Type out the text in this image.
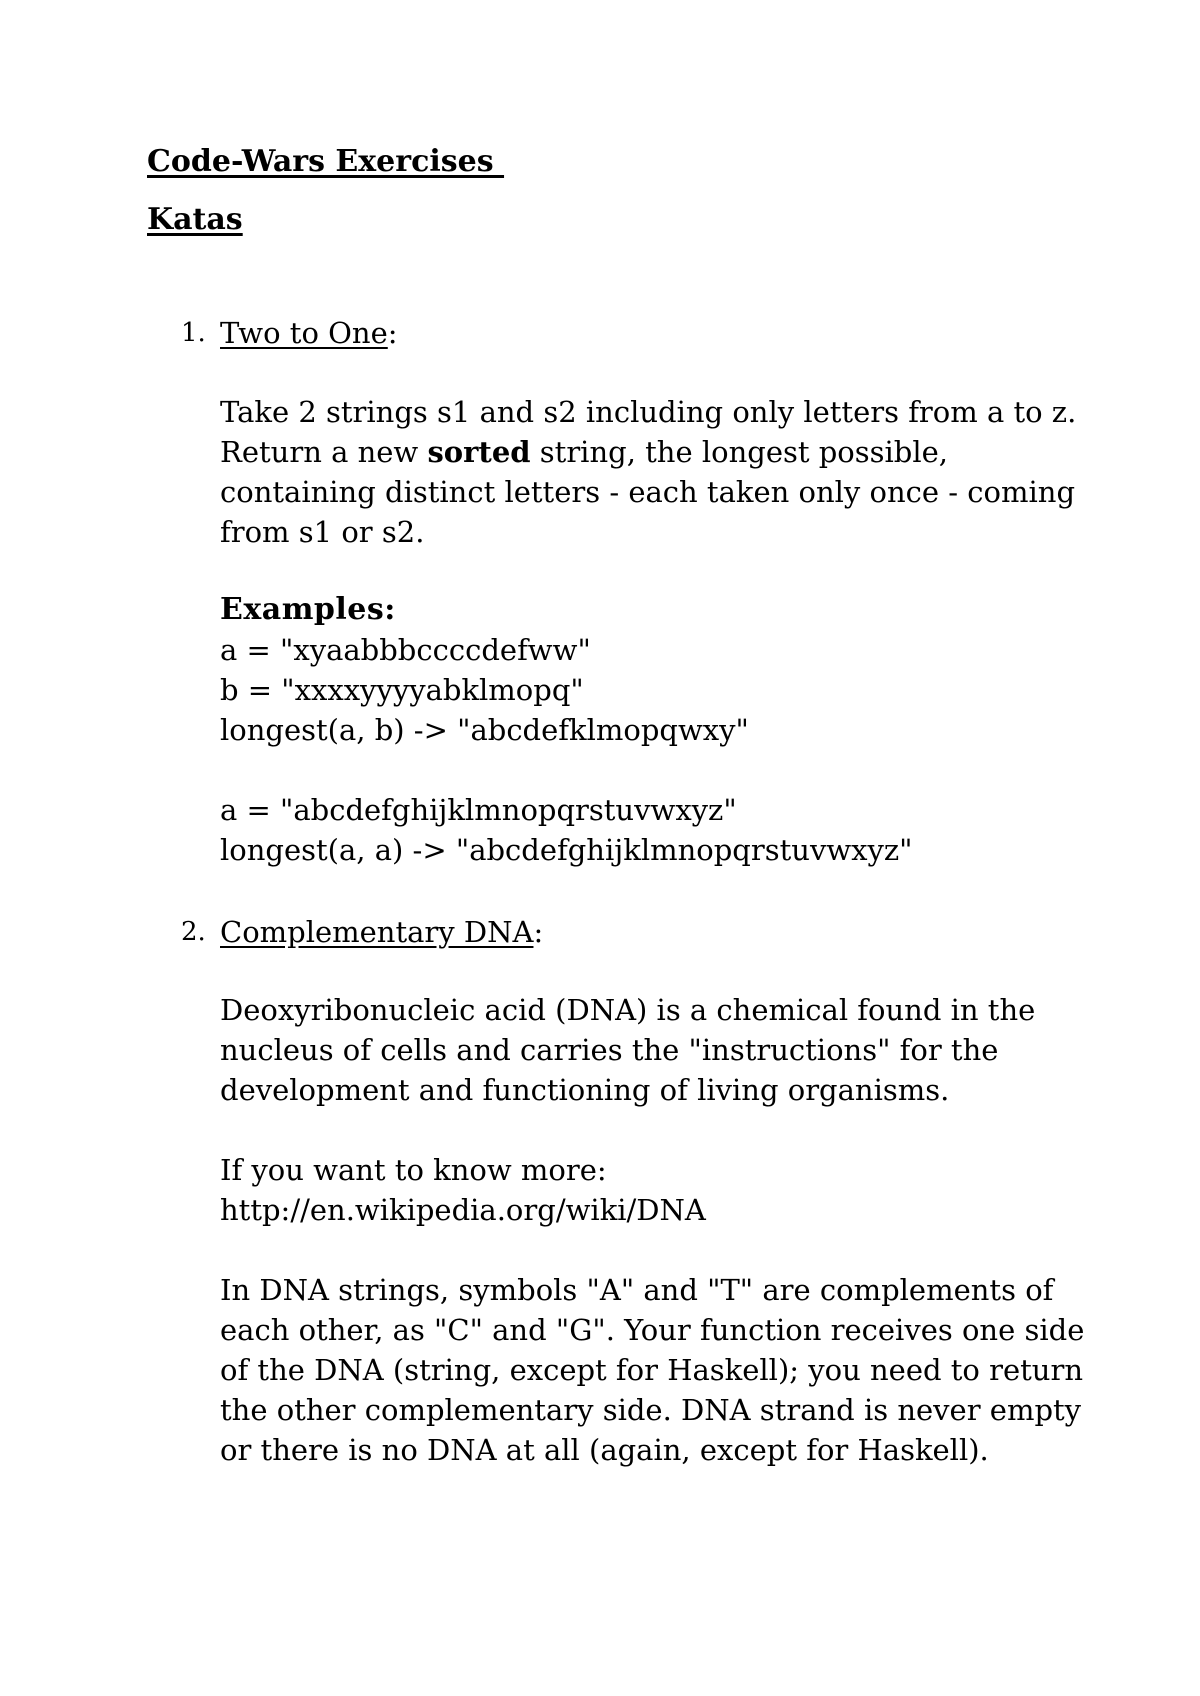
Code-Wars Exercises
Katas
1. Two to One:
Take 2 strings s1 and s2 including only letters from a to z.
Return a new sorted string, the longest possible,
containing distinct letters - each taken only once - coming
from s1 or s2.
Examples:
a = "xyaabbbccccdefww"
b = "xxxxyyyyabklmopq"
longest(a, b) -> "abcdefklmopqwxy"
a = "abcdefghijklmnopqrstuvwxyz"
longest(a, a) -> "abcdefghijklmnopqrstuvwxyz"
2. Complementary DNA:
Deoxyribonucleic acid (DNA) is a chemical found in the
nucleus of cells and carries the "instructions" for the
development and functioning of living organisms.
If you want to know more:
http://en.wikipedia.org/wiki/DNA
In DNA strings, symbols "A" and "T" are complements of
each other, as "C" and "G". Your function receives one side
of the DNA (string, except for Haskell); you need to return
the other complementary side. DNA strand is never empty
or there is no DNA at all (again, except for Haskell).
